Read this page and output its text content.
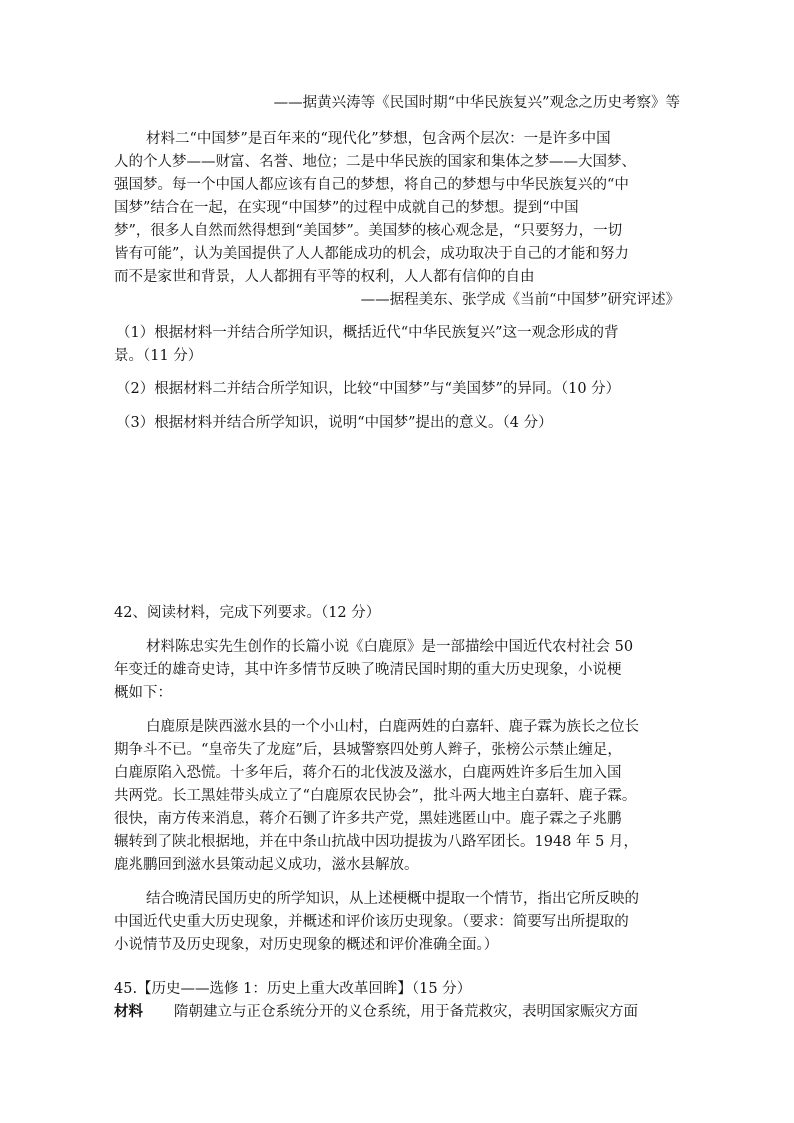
——据黄兴涛等《民国时期“中华民族复兴”观念之历史考察》等
材料二“中国梦”是百年来的“现代化”梦想，包含两个层次：一是许多中国
人的个人梦——财富、名誉、地位；二是中华民族的国家和集体之梦——大国梦、
强国梦。每一个中国人都应该有自己的梦想，将自己的梦想与中华民族复兴的“中
国梦”结合在一起，在实现“中国梦”的过程中成就自己的梦想。提到“中国
梦”，很多人自然而然得想到“美国梦”。美国梦的核心观念是，“只要努力，一切
皆有可能”，认为美国提供了人人都能成功的机会，成功取决于自己的才能和努力
而不是家世和背景，人人都拥有平等的权利，人人都有信仰的自由
——据程美东、张学成《当前“中国梦”研究评述》
（1）根据材料一并结合所学知识，概括近代“中华民族复兴”这一观念形成的背
景。（11 分）
（2）根据材料二并结合所学知识，比较“中国梦”与“美国梦”的异同。（10 分）
（3）根据材料并结合所学知识，说明“中国梦”提出的意义。（4 分）
42、阅读材料，完成下列要求。（12 分）
材料陈忠实先生创作的长篇小说《白鹿原》是一部描绘中国近代农村社会 50
年变迁的雄奇史诗，其中许多情节反映了晚清民国时期的重大历史现象，小说梗
概如下：
白鹿原是陕西滋水县的一个小山村，白鹿两姓的白嘉轩、鹿子霖为族长之位长
期争斗不已。“皇帝失了龙庭”后，县城警察四处剪人辫子，张榜公示禁止缠足，
白鹿原陷入恐慌。十多年后，蒋介石的北伐波及滋水，白鹿两姓许多后生加入国
共两党。长工黑娃带头成立了“白鹿原农民协会”，批斗两大地主白嘉轩、鹿子霖。
很快，南方传来消息，蒋介石铡了许多共产党，黑娃逃匿山中。鹿子霖之子兆鹏
辗转到了陕北根据地，并在中条山抗战中因功提拔为八路军团长。1948 年 5 月，
鹿兆鹏回到滋水县策动起义成功，滋水县解放。
结合晚清民国历史的所学知识，从上述梗概中提取一个情节，指出它所反映的
中国近代史重大历史现象，并概述和评价该历史现象。（要求：简要写出所提取的
小说情节及历史现象，对历史现象的概述和评价准确全面。）
45.【历史——选修 1：历史上重大改革回眸】（15 分）
材料 隋朝建立与正仓系统分开的义仓系统，用于备荒救灾，表明国家赈灾方面
